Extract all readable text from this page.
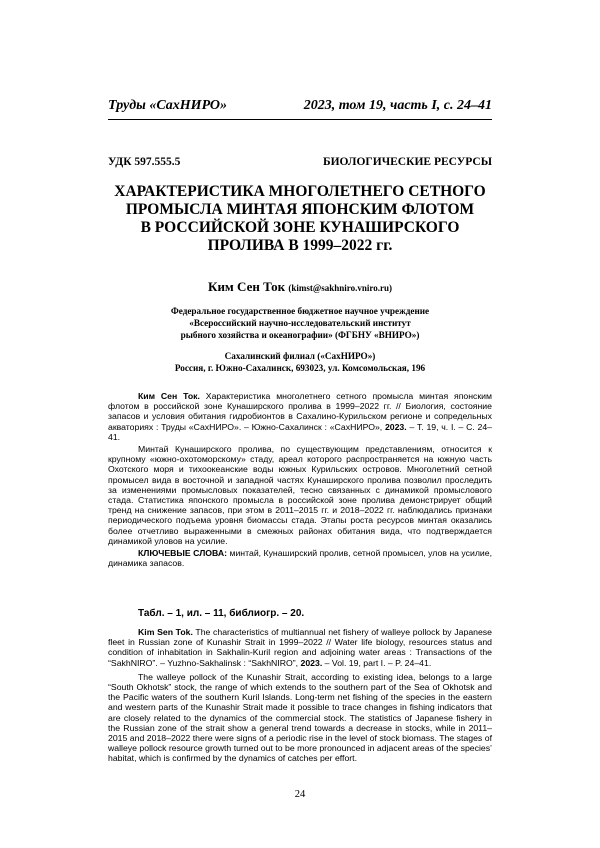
Труды «СахНИРО»	2023, том 19, часть I, с. 24–41
УДК 597.555.5	БИОЛОГИЧЕСКИЕ РЕСУРСЫ
ХАРАКТЕРИСТИКА МНОГОЛЕТНЕГО СЕТНОГО
ПРОМЫСЛА МИНТАЯ ЯПОНСКИМ ФЛОТОМ
В РОССИЙСКОЙ ЗОНЕ КУНАШИРСКОГО
ПРОЛИВА В 1999–2022 гг.
Ким Сен Ток (kimst@sakhniro.vniro.ru)
Федеральное государственное бюджетное научное учреждение
«Всероссийский научно-исследовательский институт
рыбного хозяйства и океанографии» (ФГБНУ «ВНИРО»)
Сахалинский филиал («СахНИРО»)
Россия, г. Южно-Сахалинск, 693023, ул. Комсомольская, 196

Ким Сен Ток. Характеристика многолетнего сетного промысла минтая японским флотом в российской зоне Кунаширского пролива в 1999–2022 гг. // Биология, состояние запасов и условия обитания гидробионтов в Сахалино-Курильском регионе и сопредельных акваториях : Труды «СахНИРО». – Южно-Сахалинск : «СахНИРО», 2023. – Т. 19, ч. I. – С. 24–41.

Минтай Кунаширского пролива, по существующим представлениям, относится к крупному «южно-охотоморскому» стаду, ареал которого распространяется на южную часть Охотского моря и тихоокеанские воды южных Курильских островов. Многолетний сетной промысел вида в восточной и западной частях Кунаширского пролива позволил проследить за изменениями промысловых показателей, тесно связанных с динамикой промыслового стада. Статистика японского промысла в российской зоне пролива демонстрирует общий тренд на снижение запасов, при этом в 2011–2015 гг. и 2018–2022 гг. наблюдались признаки периодического подъема уровня биомассы стада. Этапы роста ресурсов минтая оказались более отчетливо выраженными в смежных районах обитания вида, что подтверждается динамикой уловов на усилие.

КЛЮЧЕВЫЕ СЛОВА: минтай, Кунаширский пролив, сетной промысел, улов на усилие, динамика запасов.

Табл. – 1, ил. – 11, библиогр. – 20.

Kim Sen Tok. The characteristics of multiannual net fishery of walleye pollock by Japanese fleet in Russian zone of Kunashir Strait in 1999–2022 // Water life biology, resources status and condition of inhabitation in Sakhalin-Kuril region and adjoining water areas : Transactions of the “SakhNIRO”. – Yuzhno-Sakhalinsk : “SakhNIRO”, 2023. – Vol. 19, part I. – P. 24–41.

The walleye pollock of the Kunashir Strait, according to existing idea, belongs to a large “South Okhotsk” stock, the range of which extends to the southern part of the Sea of Okhotsk and the Pacific waters of the southern Kuril Islands. Long-term net fishing of the species in the eastern and western parts of the Kunashir Strait made it possible to trace changes in fishing indicators that are closely related to the dynamics of the commercial stock. The statistics of Japanese fishery in the Russian zone of the strait show a general trend towards a decrease in stocks, while in 2011–2015 and 2018–2022 there were signs of a periodic rise in the level of stock biomass. The stages of walleye pollock resource growth turned out to be more pronounced in adjacent areas of the species’ habitat, which is confirmed by the dynamics of catches per effort.

24
